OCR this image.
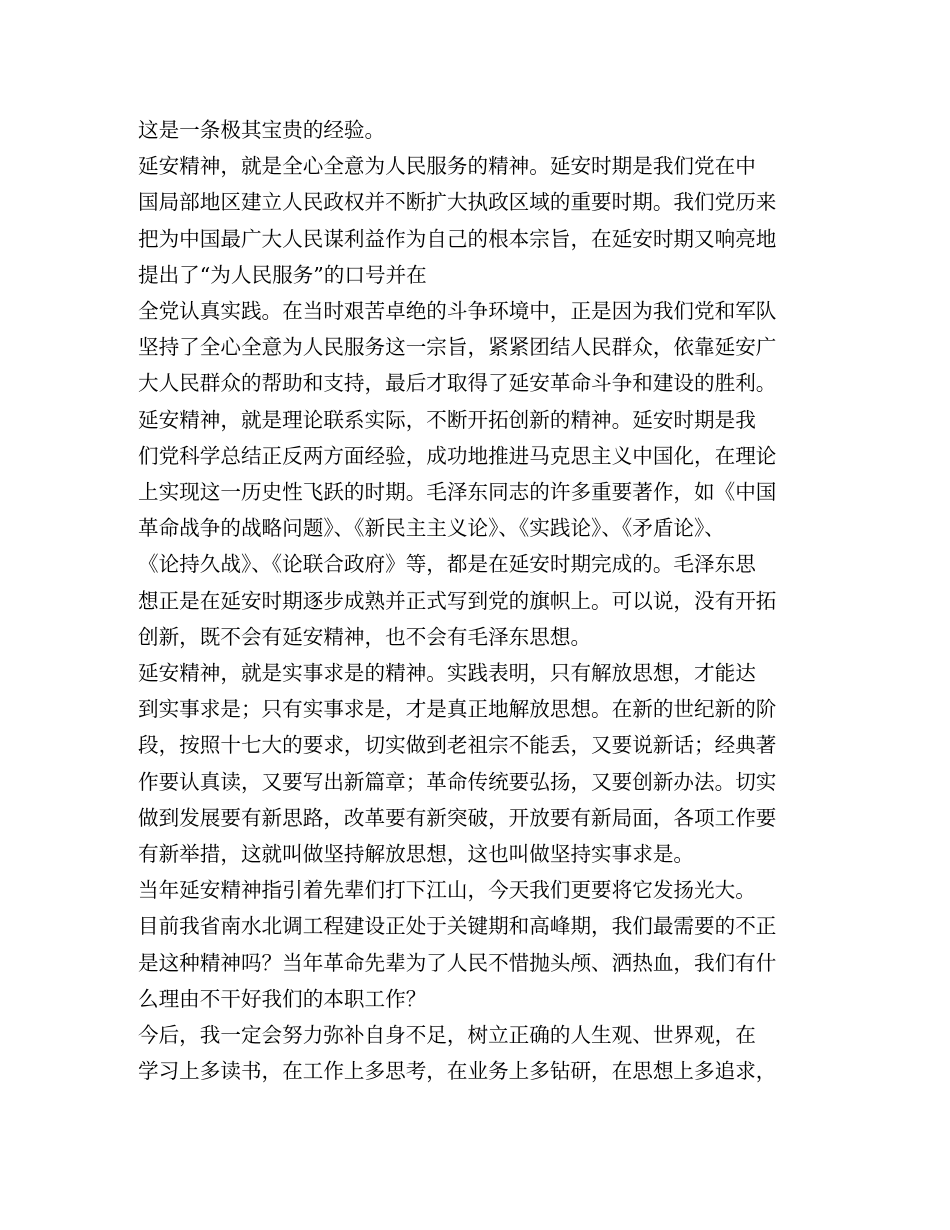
这是一条极其宝贵的经验。
延安精神，就是全心全意为人民服务的精神。延安时期是我们党在中
国局部地区建立人民政权并不断扩大执政区域的重要时期。我们党历来
把为中国最广大人民谋利益作为自己的根本宗旨，在延安时期又响亮地
提出了“为人民服务”的口号并在
全党认真实践。在当时艰苦卓绝的斗争环境中，正是因为我们党和军队
坚持了全心全意为人民服务这一宗旨，紧紧团结人民群众，依靠延安广
大人民群众的帮助和支持，最后才取得了延安革命斗争和建设的胜利。
延安精神，就是理论联系实际，不断开拓创新的精神。延安时期是我
们党科学总结正反两方面经验，成功地推进马克思主义中国化，在理论
上实现这一历史性飞跃的时期。毛泽东同志的许多重要著作，如《中国
革命战争的战略问题》、《新民主主义论》、《实践论》、《矛盾论》、
《论持久战》、《论联合政府》等，都是在延安时期完成的。毛泽东思
想正是在延安时期逐步成熟并正式写到党的旗帜上。可以说，没有开拓
创新，既不会有延安精神，也不会有毛泽东思想。
延安精神，就是实事求是的精神。实践表明，只有解放思想，才能达
到实事求是；只有实事求是，才是真正地解放思想。在新的世纪新的阶
段，按照十七大的要求，切实做到老祖宗不能丢，又要说新话；经典著
作要认真读，又要写出新篇章；革命传统要弘扬，又要创新办法。切实
做到发展要有新思路，改革要有新突破，开放要有新局面，各项工作要
有新举措，这就叫做坚持解放思想，这也叫做坚持实事求是。
当年延安精神指引着先辈们打下江山，今天我们更要将它发扬光大。
目前我省南水北调工程建设正处于关键期和高峰期，我们最需要的不正
是这种精神吗？当年革命先辈为了人民不惜抛头颅、洒热血，我们有什
么理由不干好我们的本职工作？
今后，我一定会努力弥补自身不足，树立正确的人生观、世界观，在
学习上多读书，在工作上多思考，在业务上多钻研，在思想上多追求，
